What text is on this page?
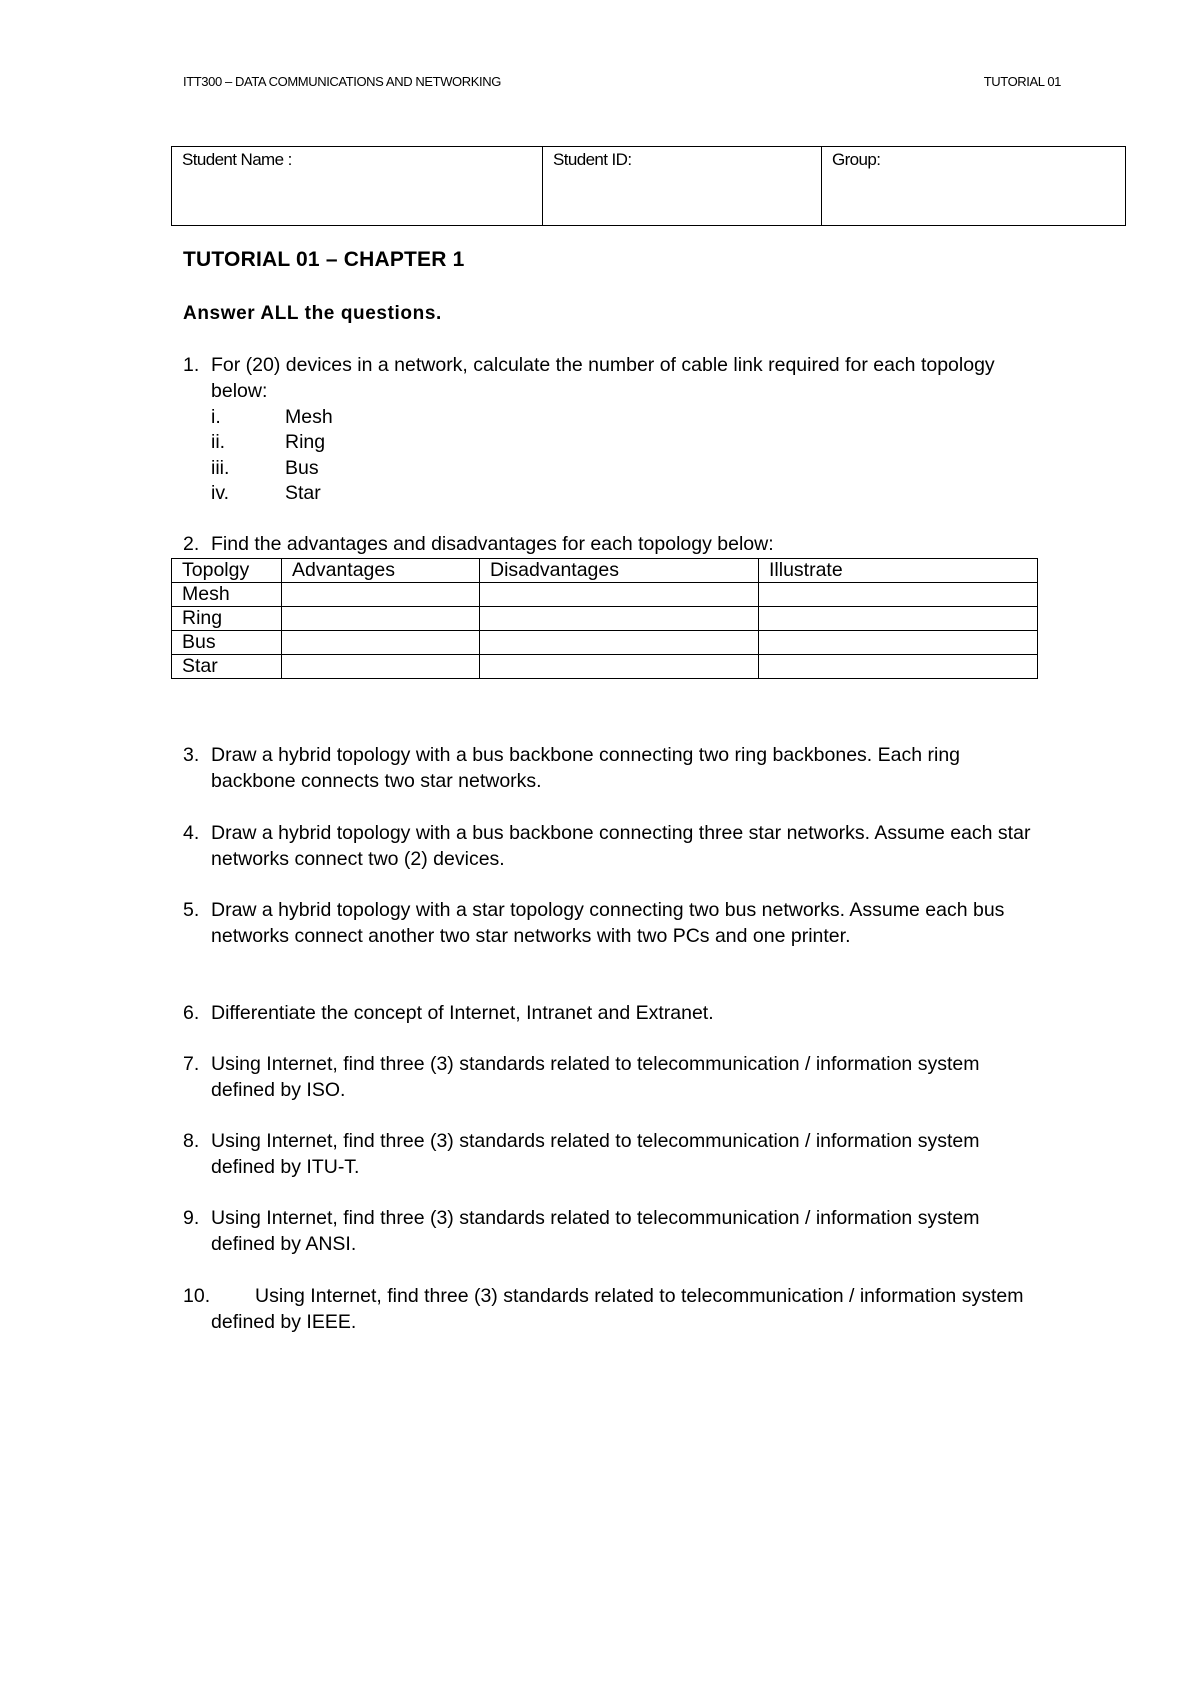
ITT300 – DATA COMMUNICATIONS AND NETWORKING	TUTORIAL 01
Student Name :	Student ID:	Group:
TUTORIAL 01 – CHAPTER 1
Answer ALL the questions.
1. For (20) devices in a network, calculate the number of cable link required for each topology below:
i.	Mesh
ii.	Ring
iii.	Bus
iv.	Star
2. Find the advantages and disadvantages for each topology below:
Topolgy	Advantages	Disadvantages	Illustrate
Mesh			
Ring			
Bus			
Star			
3. Draw a hybrid topology with a bus backbone connecting two ring backbones. Each ring backbone connects two star networks.
4. Draw a hybrid topology with a bus backbone connecting three star networks. Assume each star networks connect two (2) devices.
5. Draw a hybrid topology with a star topology connecting two bus networks. Assume each bus networks connect another two star networks with two PCs and one printer.
6. Differentiate the concept of Internet, Intranet and Extranet.
7. Using Internet, find three (3) standards related to telecommunication / information system defined by ISO.
8. Using Internet, find three (3) standards related to telecommunication / information system defined by ITU-T.
9. Using Internet, find three (3) standards related to telecommunication / information system defined by ANSI.
10.	Using Internet, find three (3) standards related to telecommunication / information system defined by IEEE.
